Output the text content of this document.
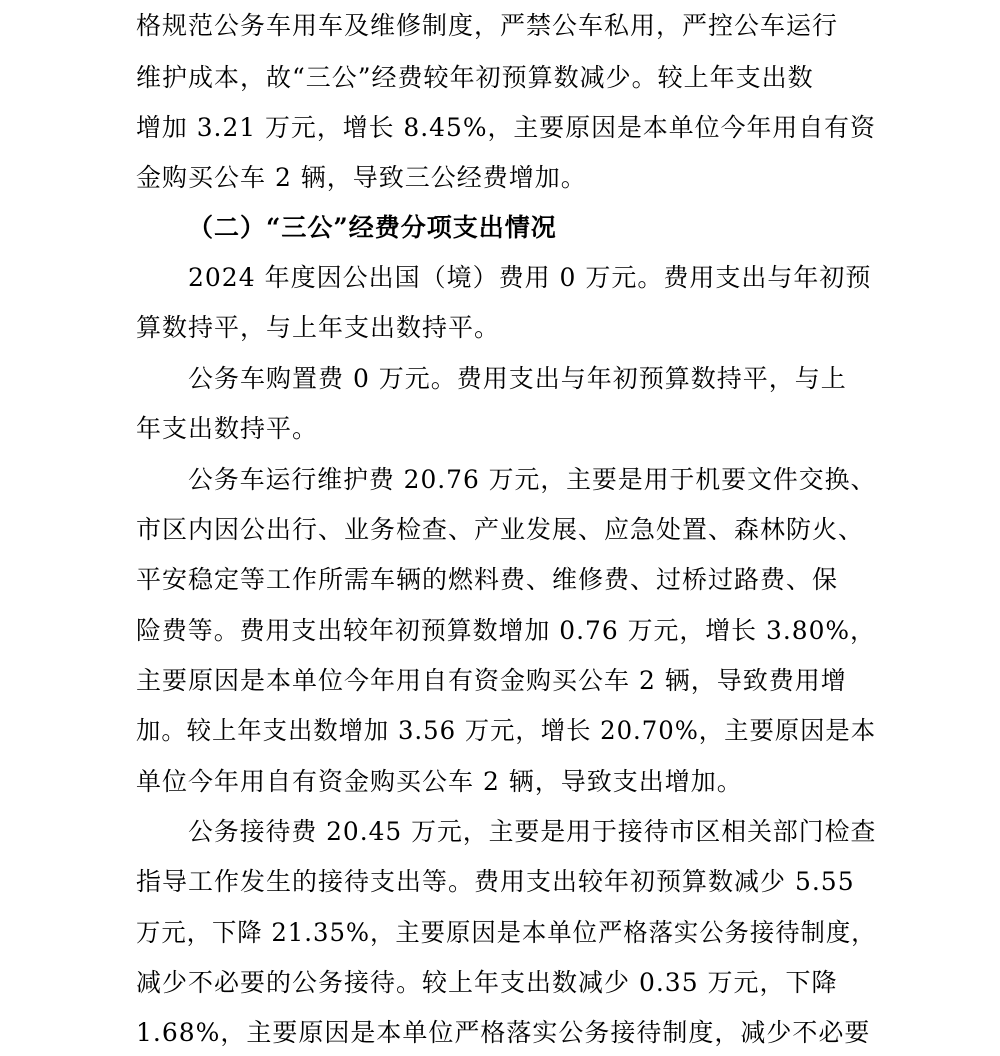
格规范公务车用车及维修制度，严禁公车私用，严控公车运行
维护成本，故“三公”经费较年初预算数减少。较上年支出数
增加 3.21 万元，增长 8.45%，主要原因是本单位今年用自有资
金购买公车 2 辆，导致三公经费增加。
（二）“三公”经费分项支出情况
2024 年度因公出国（境）费用 0 万元。费用支出与年初预
算数持平，与上年支出数持平。
公务车购置费 0 万元。费用支出与年初预算数持平，与上
年支出数持平。
公务车运行维护费 20.76 万元，主要是用于机要文件交换、
市区内因公出行、业务检查、产业发展、应急处置、森林防火、
平安稳定等工作所需车辆的燃料费、维修费、过桥过路费、保
险费等。费用支出较年初预算数增加 0.76 万元，增长 3.80%，
主要原因是本单位今年用自有资金购买公车 2 辆，导致费用增
加。较上年支出数增加 3.56 万元，增长 20.70%，主要原因是本
单位今年用自有资金购买公车 2 辆，导致支出增加。
公务接待费 20.45 万元，主要是用于接待市区相关部门检查
指导工作发生的接待支出等。费用支出较年初预算数减少 5.55
万元，下降 21.35%，主要原因是本单位严格落实公务接待制度，
减少不必要的公务接待。较上年支出数减少 0.35 万元，下降
1.68%，主要原因是本单位严格落实公务接待制度，减少不必要
